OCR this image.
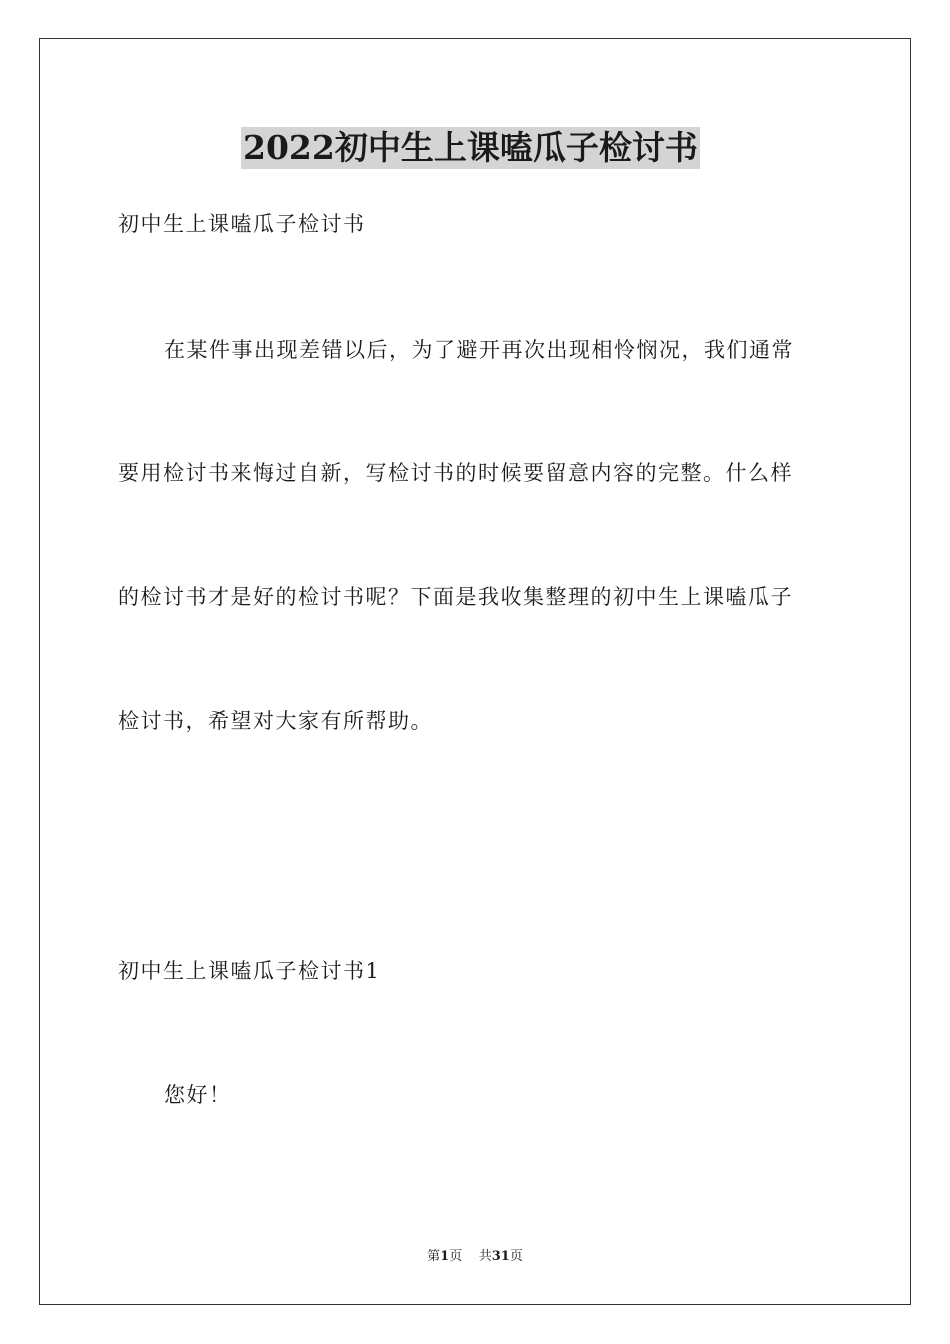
2022初中生上课嗑瓜子检讨书
初中生上课嗑瓜子检讨书
在某件事出现差错以后，为了避开再次出现相怜悯况，我们通常
要用检讨书来悔过自新，写检讨书的时候要留意内容的完整。什么样
的检讨书才是好的检讨书呢？下面是我收集整理的初中生上课嗑瓜子
检讨书，希望对大家有所帮助。
初中生上课嗑瓜子检讨书1
您好！
第1页 共31页
